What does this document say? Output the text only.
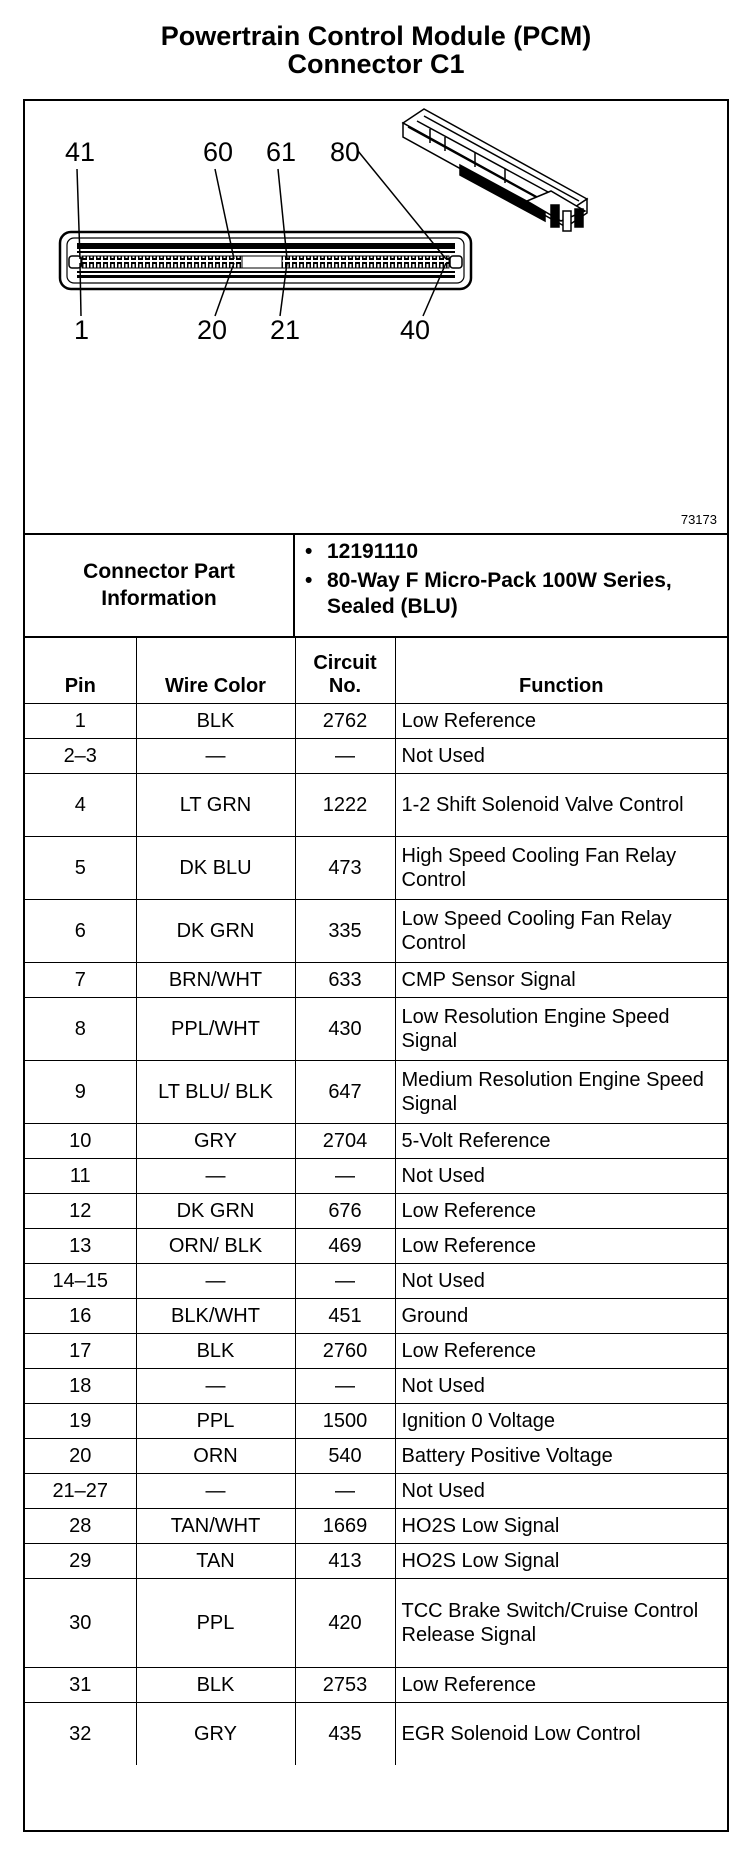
Powertrain Control Module (PCM)
Connector C1
41	60 61 80
1	20 21	40
73173
Connector Part Information
• 12191110
• 80-Way F Micro-Pack 100W Series, Sealed (BLU)
Pin	Wire Color	Circuit No.	Function
1	BLK	2762	Low Reference
2–3	—	—	Not Used
4	LT GRN	1222	1-2 Shift Solenoid Valve Control
5	DK BLU	473	High Speed Cooling Fan Relay Control
6	DK GRN	335	Low Speed Cooling Fan Relay Control
7	BRN/WHT	633	CMP Sensor Signal
8	PPL/WHT	430	Low Resolution Engine Speed Signal
9	LT BLU/ BLK	647	Medium Resolution Engine Speed Signal
10	GRY	2704	5-Volt Reference
11	—	—	Not Used
12	DK GRN	676	Low Reference
13	ORN/ BLK	469	Low Reference
14–15	—	—	Not Used
16	BLK/WHT	451	Ground
17	BLK	2760	Low Reference
18	—	—	Not Used
19	PPL	1500	Ignition 0 Voltage
20	ORN	540	Battery Positive Voltage
21–27	—	—	Not Used
28	TAN/WHT	1669	HO2S Low Signal
29	TAN	413	HO2S Low Signal
30	PPL	420	TCC Brake Switch/Cruise Control Release Signal
31	BLK	2753	Low Reference
32	GRY	435	EGR Solenoid Low Control
